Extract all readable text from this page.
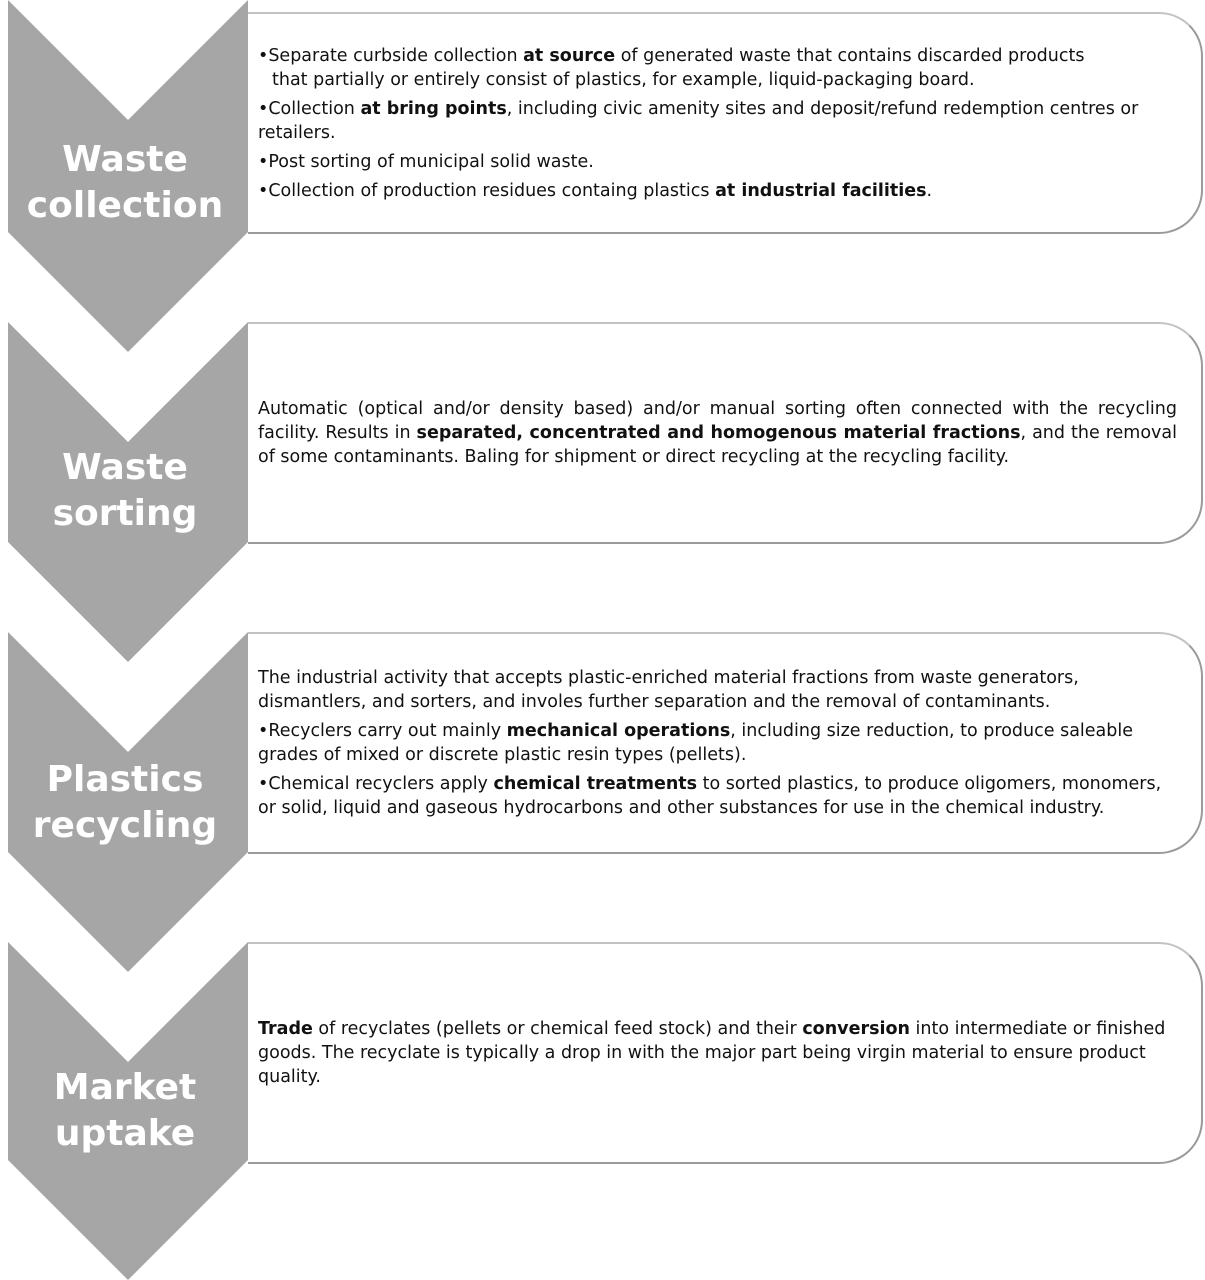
Waste
collection
Waste
sorting
Plastics
recycling
Market
uptake

•Separate curbside collection at source of generated waste that contains discarded products
that partially or entirely consist of plastics, for example, liquid-packaging board.

•Collection at bring points, including civic amenity sites and deposit/refund redemption centres or retailers.

•Post sorting of municipal solid waste.

•Collection of production residues containg plastics at industrial facilities.

Automatic (optical and/or density based) and/or manual sorting often connected with the recycling facility. Results in separated, concentrated and homogenous material fractions, and the removal of some contaminants. Baling for shipment or direct recycling at the recycling facility.

The industrial activity that accepts plastic-enriched material fractions from waste generators, dismantlers, and sorters, and involes further separation and the removal of contaminants.

•Recyclers carry out mainly mechanical operations, including size reduction, to produce saleable grades of mixed or discrete plastic resin types (pellets).

•Chemical recyclers apply chemical treatments to sorted plastics, to produce oligomers, monomers, or solid, liquid and gaseous hydrocarbons and other substances for use in the chemical industry.

Trade of recyclates (pellets or chemical feed stock) and their conversion into intermediate or finished goods. The recyclate is typically a drop in with the major part being virgin material to ensure product quality.
